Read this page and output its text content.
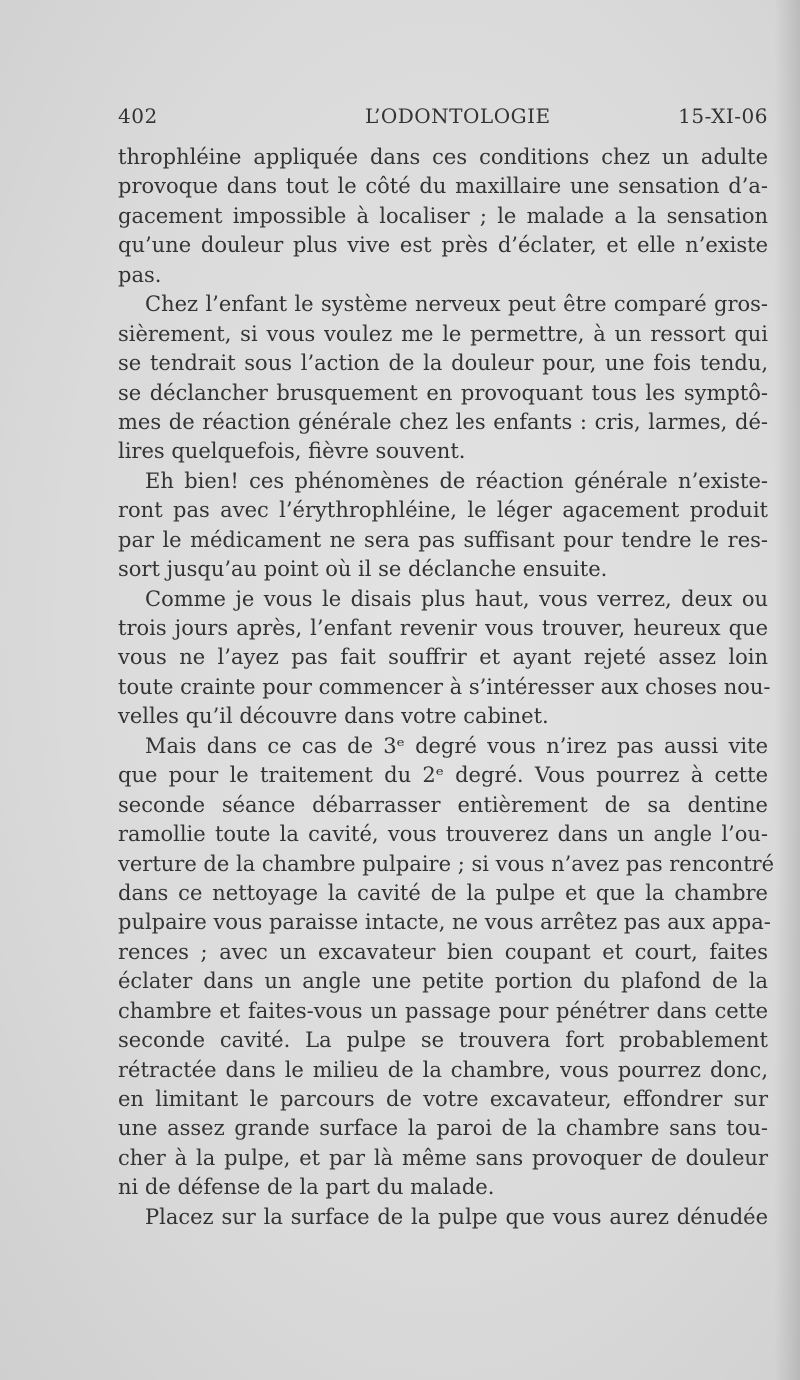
402	L’ODONTOLOGIE	15-XI-06
throphléine appliquée dans ces conditions chez un adulte
provoque dans tout le côté du maxillaire une sensation d’a-
gacement impossible à localiser ; le malade a la sensation
qu’une douleur plus vive est près d’éclater, et elle n’existe
pas.
Chez l’enfant le système nerveux peut être comparé gros-
sièrement, si vous voulez me le permettre, à un ressort qui
se tendrait sous l’action de la douleur pour, une fois tendu,
se déclancher brusquement en provoquant tous les symptô-
mes de réaction générale chez les enfants : cris, larmes, dé-
lires quelquefois, fièvre souvent.
Eh bien! ces phénomènes de réaction générale n’existe-
ront pas avec l’érythrophléine, le léger agacement produit
par le médicament ne sera pas suffisant pour tendre le res-
sort jusqu’au point où il se déclanche ensuite.
Comme je vous le disais plus haut, vous verrez, deux ou
trois jours après, l’enfant revenir vous trouver, heureux que
vous ne l’ayez pas fait souffrir et ayant rejeté assez loin
toute crainte pour commencer à s’intéresser aux choses nou-
velles qu’il découvre dans votre cabinet.
Mais dans ce cas de 3ᵉ degré vous n’irez pas aussi vite
que pour le traitement du 2ᵉ degré. Vous pourrez à cette
seconde séance débarrasser entièrement de sa dentine
ramollie toute la cavité, vous trouverez dans un angle l’ou-
verture de la chambre pulpaire ; si vous n’avez pas rencontré
dans ce nettoyage la cavité de la pulpe et que la chambre
pulpaire vous paraisse intacte, ne vous arrêtez pas aux appa-
rences ; avec un excavateur bien coupant et court, faites
éclater dans un angle une petite portion du plafond de la
chambre et faites-vous un passage pour pénétrer dans cette
seconde cavité. La pulpe se trouvera fort probablement
rétractée dans le milieu de la chambre, vous pourrez donc,
en limitant le parcours de votre excavateur, effondrer sur
une assez grande surface la paroi de la chambre sans tou-
cher à la pulpe, et par là même sans provoquer de douleur
ni de défense de la part du malade.
Placez sur la surface de la pulpe que vous aurez dénudée
